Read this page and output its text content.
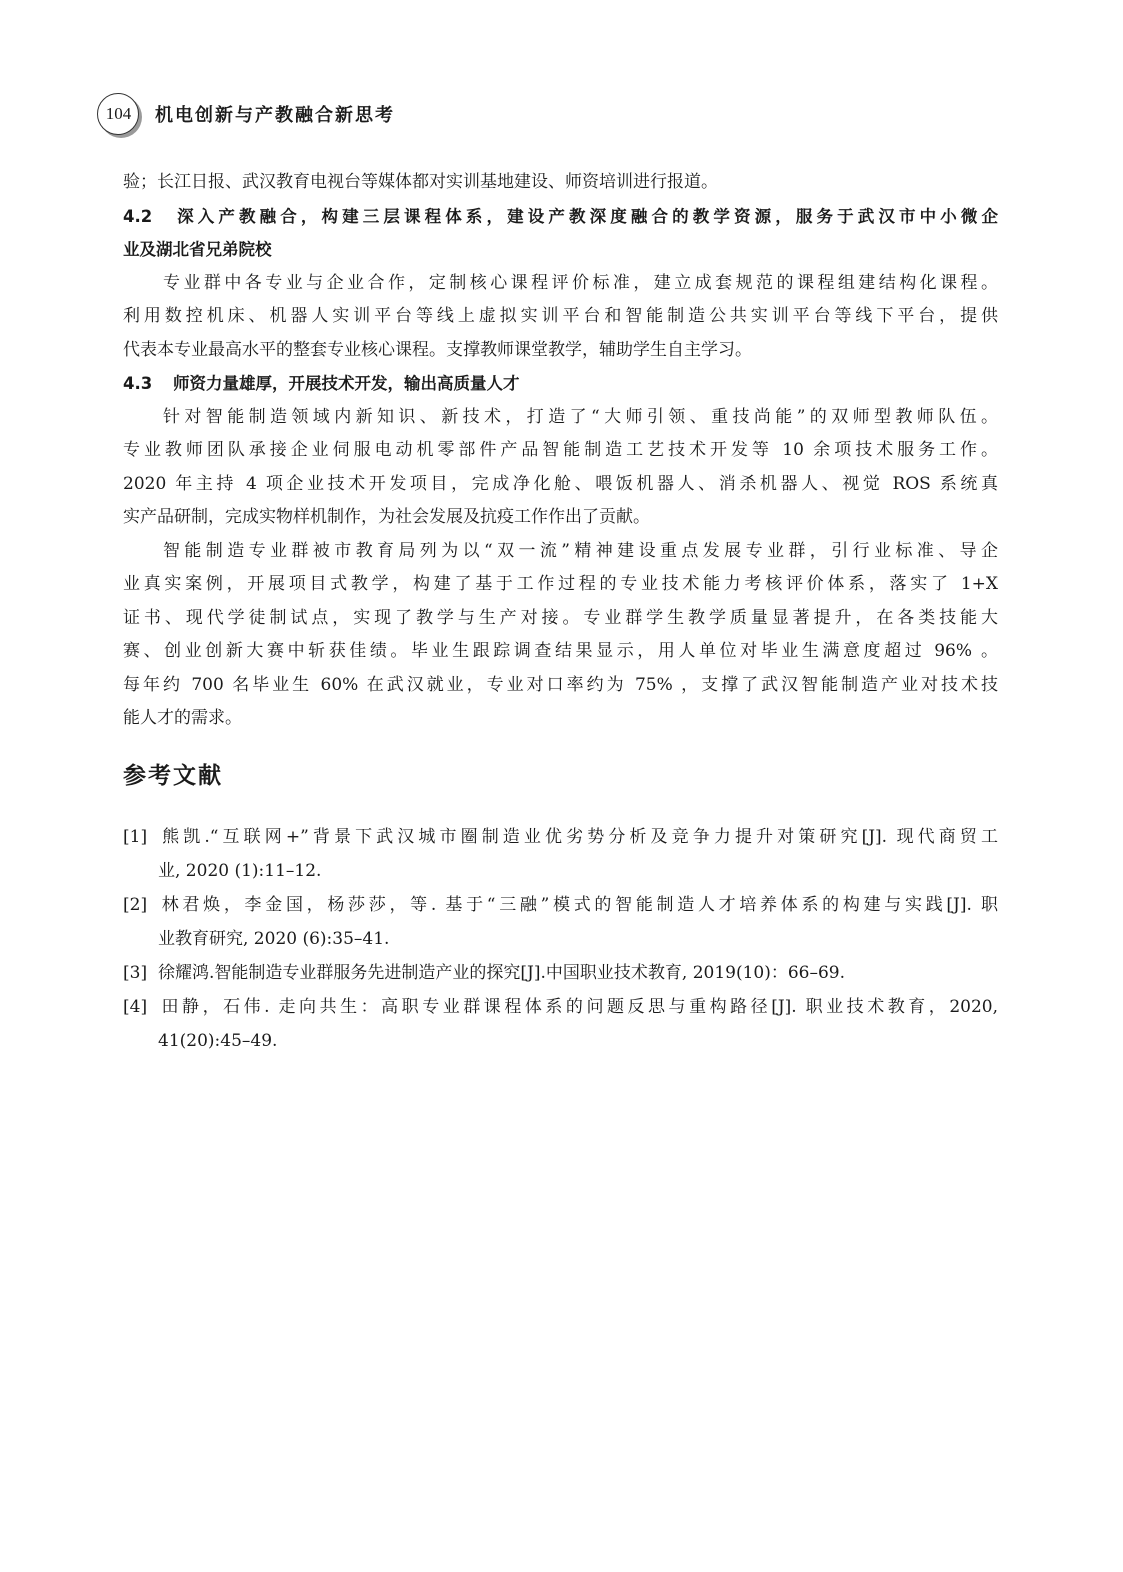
104	机电创新与产教融合新思考
验；长江日报、武汉教育电视台等媒体都对实训基地建设、师资培训进行报道。
4.2 深入产教融合，构建三层课程体系，建设产教深度融合的教学资源，服务于武汉市中小微企
业及湖北省兄弟院校
专业群中各专业与企业合作，定制核心课程评价标准，建立成套规范的课程组建结构化课程。
利用数控机床、机器人实训平台等线上虚拟实训平台和智能制造公共实训平台等线下平台，提供
代表本专业最高水平的整套专业核心课程。支撑教师课堂教学，辅助学生自主学习。
4.3 师资力量雄厚，开展技术开发，输出高质量人才
针对智能制造领域内新知识、新技术，打造了“大师引领、重技尚能”的双师型教师队伍。
专业教师团队承接企业伺服电动机零部件产品智能制造工艺技术开发等 10 余项技术服务工作。
2020 年主持 4 项企业技术开发项目，完成净化舱、喂饭机器人、消杀机器人、视觉 ROS 系统真
实产品研制，完成实物样机制作，为社会发展及抗疫工作作出了贡献。
智能制造专业群被市教育局列为以“双一流”精神建设重点发展专业群，引行业标准、导企
业真实案例，开展项目式教学，构建了基于工作过程的专业技术能力考核评价体系，落实了 1+X
证书、现代学徒制试点，实现了教学与生产对接。专业群学生教学质量显著提升，在各类技能大
赛、创业创新大赛中斩获佳绩。毕业生跟踪调查结果显示，用人单位对毕业生满意度超过 96% 。
每年约 700 名毕业生 60% 在武汉就业，专业对口率约为 75% ，支撑了武汉智能制造产业对技术技
能人才的需求。
参考文献
[1] 熊凯.“互联网+”背景下武汉城市圈制造业优劣势分析及竞争力提升对策研究[J]. 现代商贸工
业, 2020 (1):11–12.
[2] 林君焕，李金国，杨莎莎，等. 基于“三融”模式的智能制造人才培养体系的构建与实践[J]. 职
业教育研究, 2020 (6):35–41.
[3] 徐耀鸿.智能制造专业群服务先进制造产业的探究[J].中国职业技术教育, 2019(10)：66–69.
[4] 田静，石伟. 走向共生：高职专业群课程体系的问题反思与重构路径[J]. 职业技术教育，2020,
41(20):45–49.
